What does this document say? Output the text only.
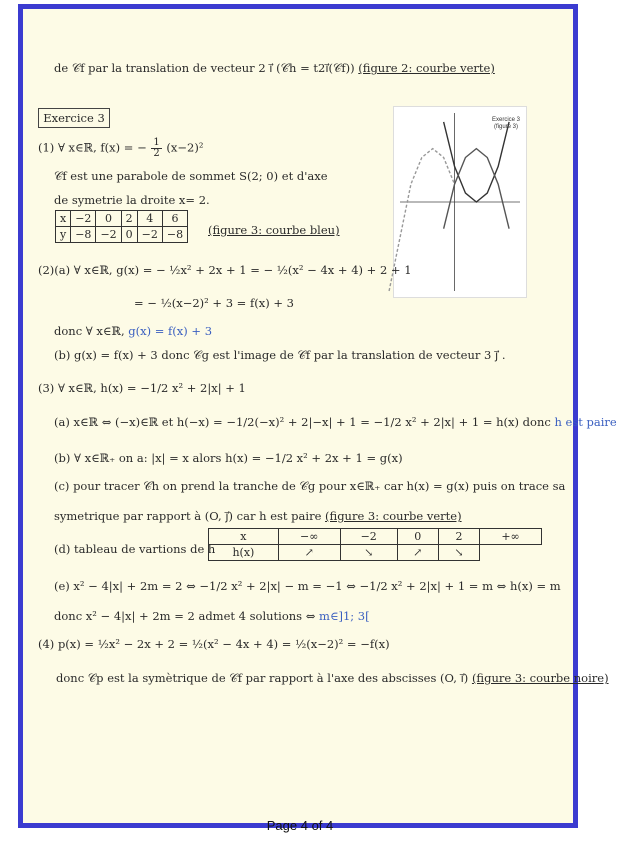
de 𝒞f par la translation de vecteur 2 i⃗ (𝒞h = t2i⃗(𝒞f)) (figure 2: courbe verte)
Exercice 3	Exercice 3
(figure 3)
(1) ∀ x∈ℝ, f(x) = − $\frac{1}{2} (x-2)^2$
𝒞f est une parabole de sommet S(2; 0) et d'axe
de symetrie la droite x= 2.
x	−2	0	2	4	6
y	−8	−2	0	−2	−8 (figure 3: courbe bleu)
(2)(a) ∀ x∈ℝ, g(x) = − ½x² + 2x + 1 = − ½(x² − 4x + 4) + 2 + 1
= − ½(x−2)² + 3 = f(x) + 3
donc ∀ x∈ℝ, g(x) = f(x) + 3
(b) g(x) = f(x) + 3 donc 𝒞g est l'image de 𝒞f par la translation de vecteur 3 j⃗ .
(3) ∀ x∈ℝ, h(x) = −1/2 x² + 2|x| + 1
(a) x∈ℝ ⇔ (−x)∈ℝ et h(−x) = −1/2(−x)² + 2|−x| + 1 = −1/2 x² + 2|x| + 1 = h(x) donc h est paire
(b) ∀ x∈ℝ₊ on a: |x| = x alors h(x) = −1/2 x² + 2x + 1 = g(x)
(c) pour tracer 𝒞h on prend la tranche de 𝒞g pour x∈ℝ₊ car h(x) = g(x) puis on trace sa
symetrique par rapport à (O, j⃗) car h est paire (figure 3: courbe verte)
(d) tableau de vartions de h
x	−∞	−2	0	2	+∞
h(x)	↗	↘	↗	↘	
(e) x² − 4|x| + 2m = 2 ⇔ −1/2 x² + 2|x| − m = −1 ⇔ −1/2 x² + 2|x| + 1 = m ⇔ h(x) = m
donc x² − 4|x| + 2m = 2 admet 4 solutions ⇔ m∈]1; 3[
(4) p(x) = ½x² − 2x + 2 = ½(x² − 4x + 4) = ½(x−2)² = −f(x)
donc 𝒞p est la symètrique de 𝒞f par rapport à l'axe des abscisses (O, i⃗) (figure 3: courbe noire)
Page 4 of 4
